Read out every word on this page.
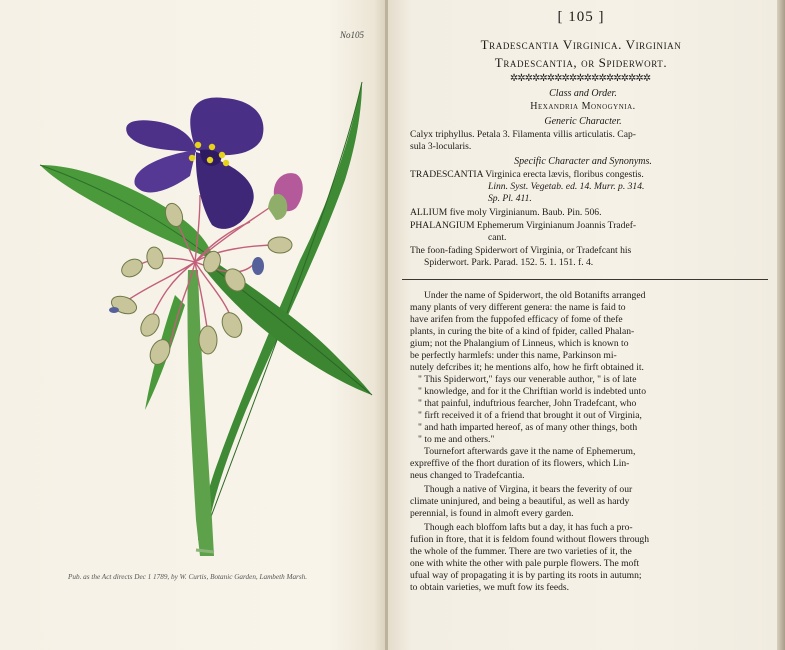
No105
Pub. as the Act directs Dec 1 1789, by W. Curtis, Botanic Garden, Lambeth Marsh.
[ 105 ]
Tradescantia Virginica. Virginian
Tradescantia, or Spiderwort.
✲✲✲✲✲✲✲✲✲✲✲✲✲✲✲✲✲✲✲
Class and Order.
Hexandria Monogynia.
Generic Character.
Calyx triphyllus. Petala 3. Filamenta villis articulatis. Cap-
sula 3-locularis.
Specific Character and Synonyms.
TRADESCANTIA Virginica erecta lævis, floribus congestis.
Linn. Syst. Vegetab. ed. 14. Murr. p. 314.
Sp. Pl. 411.
ALLIUM five moly Virginianum. Baub. Pin. 506.
PHALANGIUM Ephemerum Virginianum Joannis Tradef-
cant.
The foon-fading Spiderwort of Virginia, or Tradefcant his
Spiderwort. Park. Parad. 152. 5. 1. 151. f. 4.
Under the name of Spiderwort, the old Botanifts arranged
many plants of very different genera: the name is faid to
have arifen from the fuppofed efficacy of fome of thefe
plants, in curing the bite of a kind of fpider, called Phalan-
gium; not the Phalangium of Linneus, which is known to
be perfectly harmlefs: under this name, Parkinson mi-
nutely defcribes it; he mentions alfo, how he firft obtained it.
" This Spiderwort," fays our venerable author, " is of late
" knowledge, and for it the Chriftian world is indebted unto
" that painful, induftrious fearcher, John Tradefcant, who
" firft received it of a friend that brought it out of Virginia,
" and hath imparted hereof, as of many other things, both
" to me and others."
Tournefort afterwards gave it the name of Ephemerum,
expreffive of the fhort duration of its flowers, which Lin-
neus changed to Tradefcantia.
Though a native of Virgina, it bears the feverity of our
climate uninjured, and being a beautiful, as well as hardy
perennial, is found in almoft every garden.
Though each bloffom lafts but a day, it has fuch a pro-
fufion in ftore, that it is feldom found without flowers through
the whole of the fummer. There are two varieties of it, the
one with white the other with pale purple flowers. The moft
ufual way of propagating it is by parting its roots in autumn;
to obtain varieties, we muft fow its feeds.
